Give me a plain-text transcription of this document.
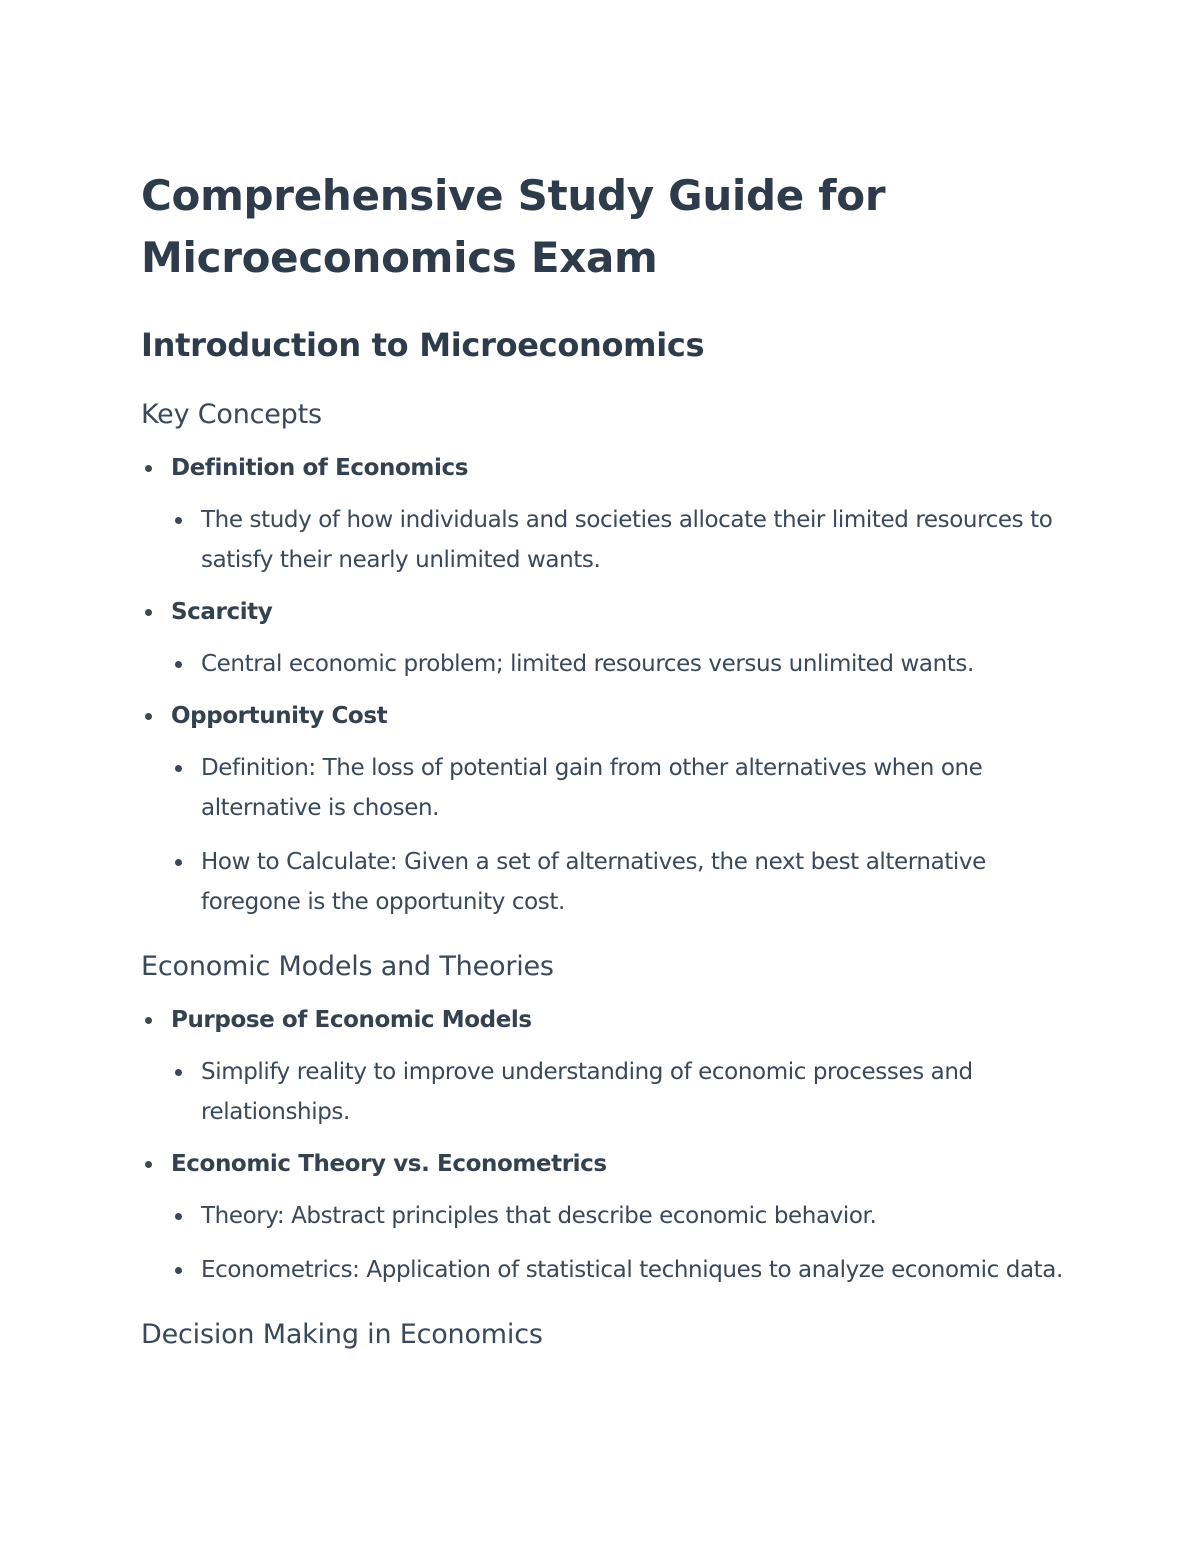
Comprehensive Study Guide for Microeconomics Exam
Introduction to Microeconomics
Key Concepts
Definition of Economics
The study of how individuals and societies allocate their limited resources to satisfy their nearly unlimited wants.
Scarcity
Central economic problem; limited resources versus unlimited wants.
Opportunity Cost
Definition: The loss of potential gain from other alternatives when one alternative is chosen.
How to Calculate: Given a set of alternatives, the next best alternative foregone is the opportunity cost.
Economic Models and Theories
Purpose of Economic Models
Simplify reality to improve understanding of economic processes and relationships.
Economic Theory vs. Econometrics
Theory: Abstract principles that describe economic behavior.
Econometrics: Application of statistical techniques to analyze economic data.
Decision Making in Economics
